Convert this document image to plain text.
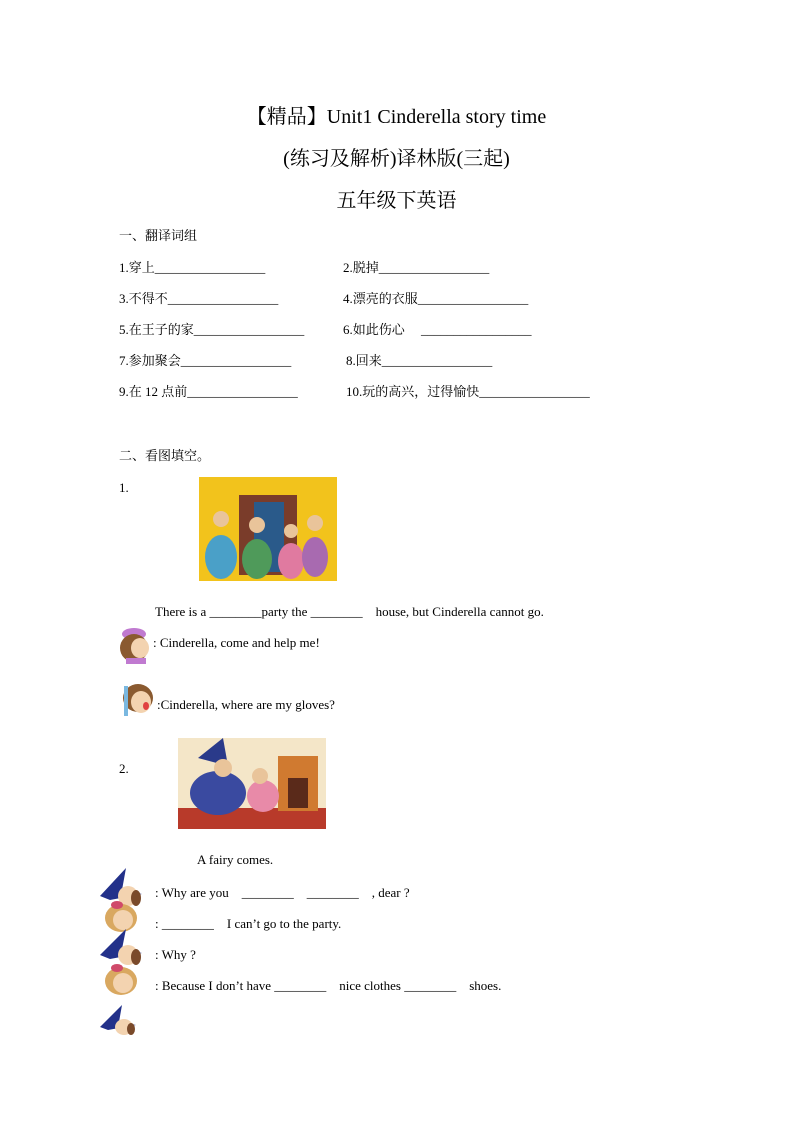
【精品】Unit1 Cinderella story time
(练习及解析)译林版(三起)
五年级下英语
一、翻译词组
1.穿上_________________	2.脱掉_________________
3.不得不_________________	4.漂亮的衣服_________________
5.在王子的家_________________	6.如此伤心     _________________
7.参加聚会_________________	8.回来_________________
9.在 12 点前_________________	10.玩的高兴，过得愉快_________________
二、看图填空。
1.
There is a ________party the ________    house, but Cinderella cannot go.
: Cinderella, come and help me!
:Cinderella, where are my gloves?
2.
A fairy comes.
: Why are you    ________    ________    , dear ?
: ________    I can’t go to the party.
: Why ?
: Because I don’t have ________    nice clothes ________    shoes.
